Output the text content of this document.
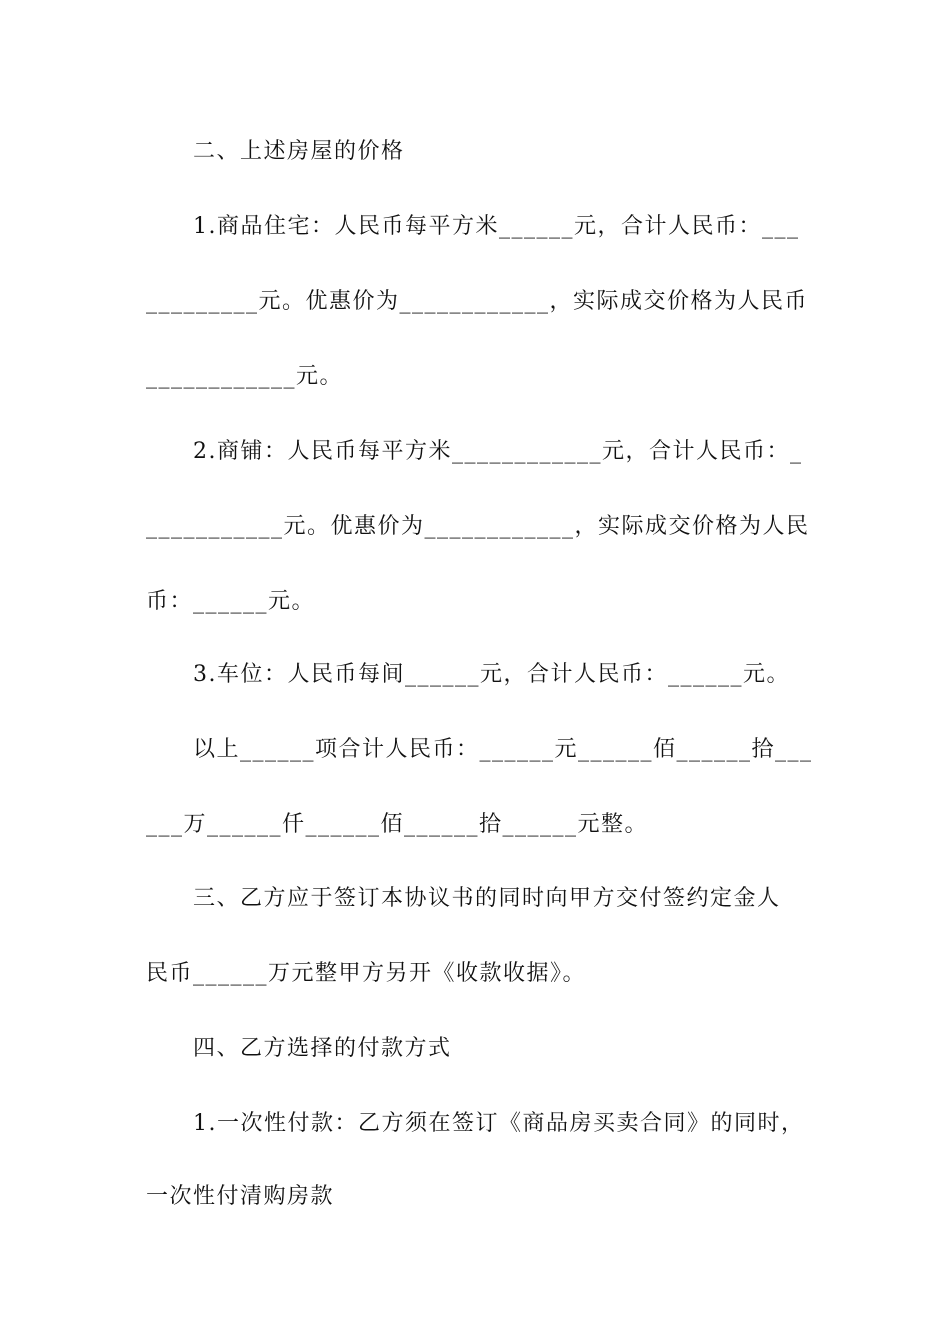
二、上述房屋的价格
1.商品住宅：人民币每平方米______元，合计人民币：___
_________元。优惠价为____________，实际成交价格为人民币
____________元。
2.商铺：人民币每平方米____________元，合计人民币：_
___________元。优惠价为____________，实际成交价格为人民
币：______元。
3.车位：人民币每间______元，合计人民币：______元。
以上______项合计人民币：______元______佰______拾___
___万______仟______佰______拾______元整。
三、乙方应于签订本协议书的同时向甲方交付签约定金人
民币______万元整甲方另开《收款收据》。
四、乙方选择的付款方式
1.一次性付款：乙方须在签订《商品房买卖合同》的同时，
一次性付清购房款
